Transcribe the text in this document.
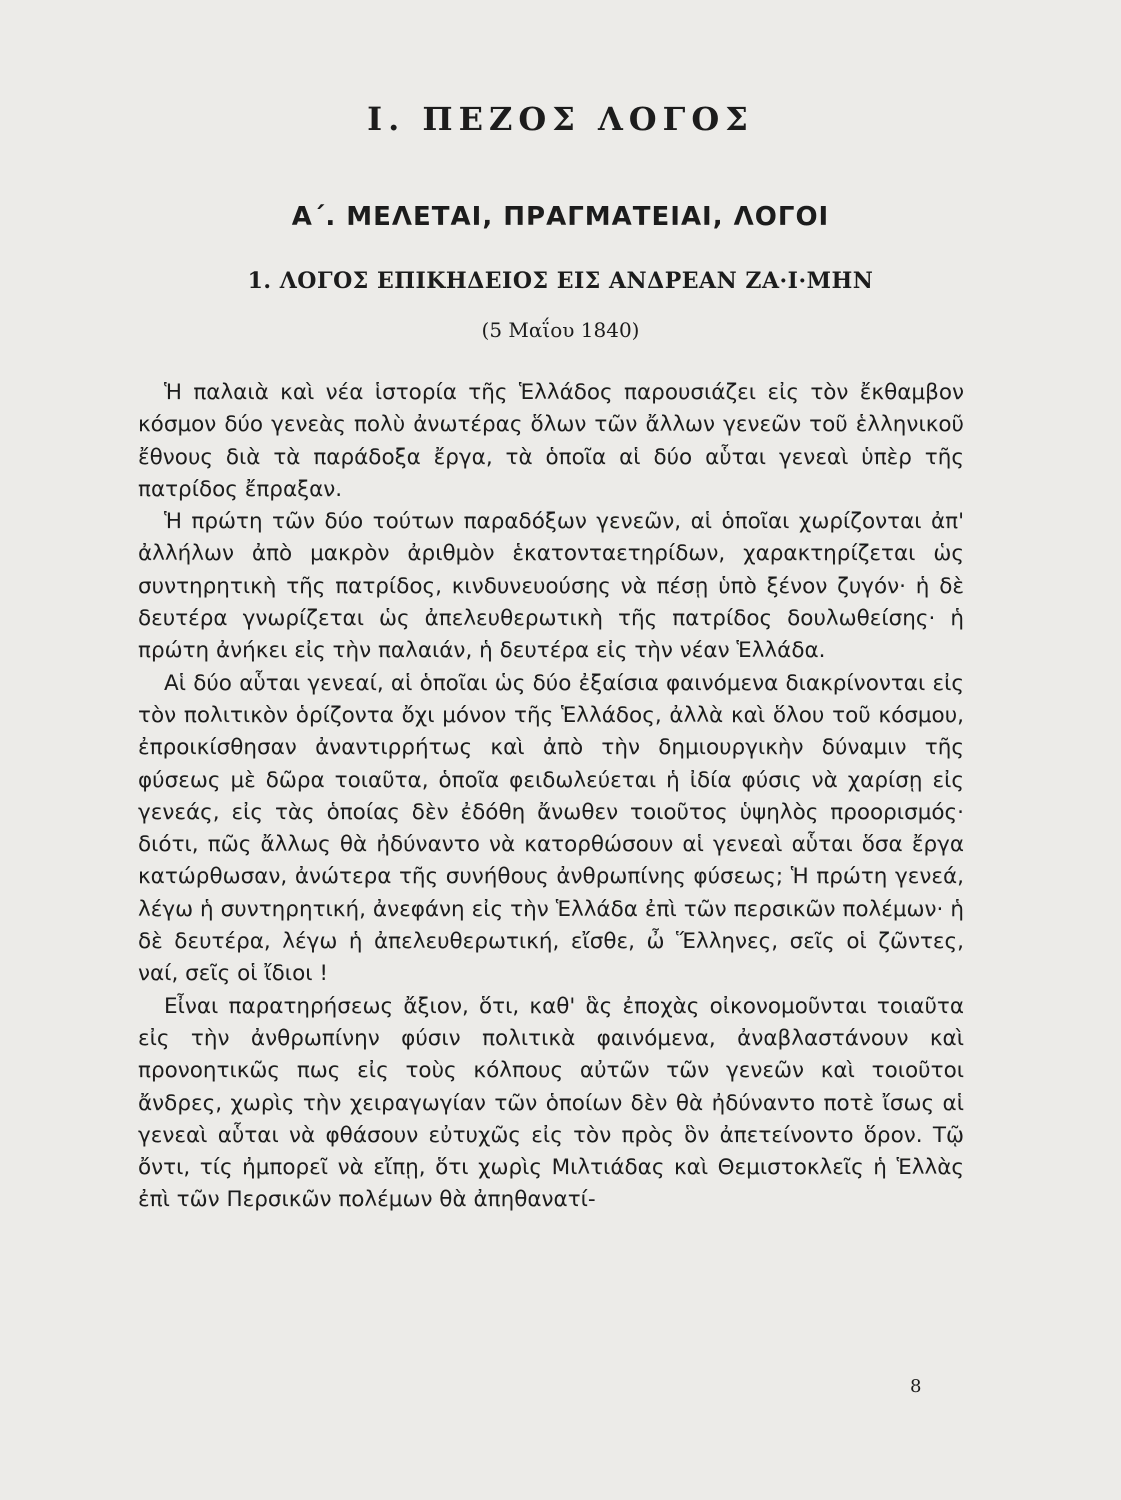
Ι. ΠΕΖΟΣ ΛΟΓΟΣ
Α΄. ΜΕΛΕΤΑΙ, ΠΡΑΓΜΑΤΕΙΑΙ, ΛΟΓΟΙ
1. ΛΟΓΟΣ ΕΠΙΚΗΔΕΙΟΣ ΕΙΣ ΑΝΔΡΕΑΝ ΖΑ·Ι·ΜΗΝ
(5 Μαΐου 1840)

Ἡ παλαιὰ καὶ νέα ἱστορία τῆς Ἑλλάδος παρουσιάζει εἰς τὸν ἔκθαμβον κόσμον δύο γενεὰς πολὺ ἀνωτέρας ὅλων τῶν ἄλλων γενεῶν τοῦ ἑλληνικοῦ ἔθνους διὰ τὰ παράδοξα ἔργα, τὰ ὁποῖα αἱ δύο αὗται γενεαὶ ὑπὲρ τῆς πατρίδος ἔπραξαν.

Ἡ πρώτη τῶν δύο τούτων παραδόξων γενεῶν, αἱ ὁποῖαι χωρίζονται ἀπ' ἀλλήλων ἀπὸ μακρὸν ἀριθμὸν ἑκατονταετηρίδων, χαρακτηρίζεται ὡς συντηρητικὴ τῆς πατρίδος, κινδυνευούσης νὰ πέσῃ ὑπὸ ξένον ζυγόν· ἡ δὲ δευτέρα γνωρίζεται ὡς ἀπελευθερωτικὴ τῆς πατρίδος δουλωθείσης· ἡ πρώτη ἀνήκει εἰς τὴν παλαιάν, ἡ δευτέρα εἰς τὴν νέαν Ἑλλάδα.

Αἱ δύο αὗται γενεαί, αἱ ὁποῖαι ὡς δύο ἐξαίσια φαινόμενα διακρίνονται εἰς τὸν πολιτικὸν ὁρίζοντα ὄχι μόνον τῆς Ἑλλάδος, ἀλλὰ καὶ ὅλου τοῦ κόσμου, ἐπροικίσθησαν ἀναντιρρήτως καὶ ἀπὸ τὴν δημιουργικὴν δύναμιν τῆς φύσεως μὲ δῶρα τοιαῦτα, ὁποῖα φειδωλεύεται ἡ ἰδία φύσις νὰ χαρίσῃ εἰς γενεάς, εἰς τὰς ὁποίας δὲν ἐδόθη ἄνωθεν τοιοῦτος ὑψηλὸς προορισμός· διότι, πῶς ἄλλως θὰ ἠδύναντο νὰ κατορθώσουν αἱ γενεαὶ αὗται ὅσα ἔργα κατώρθωσαν, ἀνώτερα τῆς συνήθους ἀνθρωπίνης φύσεως; Ἡ πρώτη γενεά, λέγω ἡ συντηρητική, ἀνεφάνη εἰς τὴν Ἑλλάδα ἐπὶ τῶν περσικῶν πολέμων· ἡ δὲ δευτέρα, λέγω ἡ ἀπελευθερωτική, εἴσθε, ὦ Ἕλληνες, σεῖς οἱ ζῶντες, ναί, σεῖς οἱ ἴδιοι !

Εἶναι παρατηρήσεως ἄξιον, ὅτι, καθ' ἃς ἐποχὰς οἰκονομοῦνται τοιαῦτα εἰς τὴν ἀνθρωπίνην φύσιν πολιτικὰ φαινόμενα, ἀναβλαστάνουν καὶ προνοητικῶς πως εἰς τοὺς κόλπους αὐτῶν τῶν γενεῶν καὶ τοιοῦτοι ἄνδρες, χωρὶς τὴν χειραγωγίαν τῶν ὁποίων δὲν θὰ ἠδύναντο ποτὲ ἴσως αἱ γενεαὶ αὗται νὰ φθάσουν εὐτυχῶς εἰς τὸν πρὸς ὃν ἀπετείνοντο ὅρον. Τῷ ὄντι, τίς ἠμπορεῖ νὰ εἴπῃ, ὅτι χωρὶς Μιλτιάδας καὶ Θεμιστοκλεῖς ἡ Ἑλλὰς ἐπὶ τῶν Περσικῶν πολέμων θὰ ἀπηθανατί-

8
